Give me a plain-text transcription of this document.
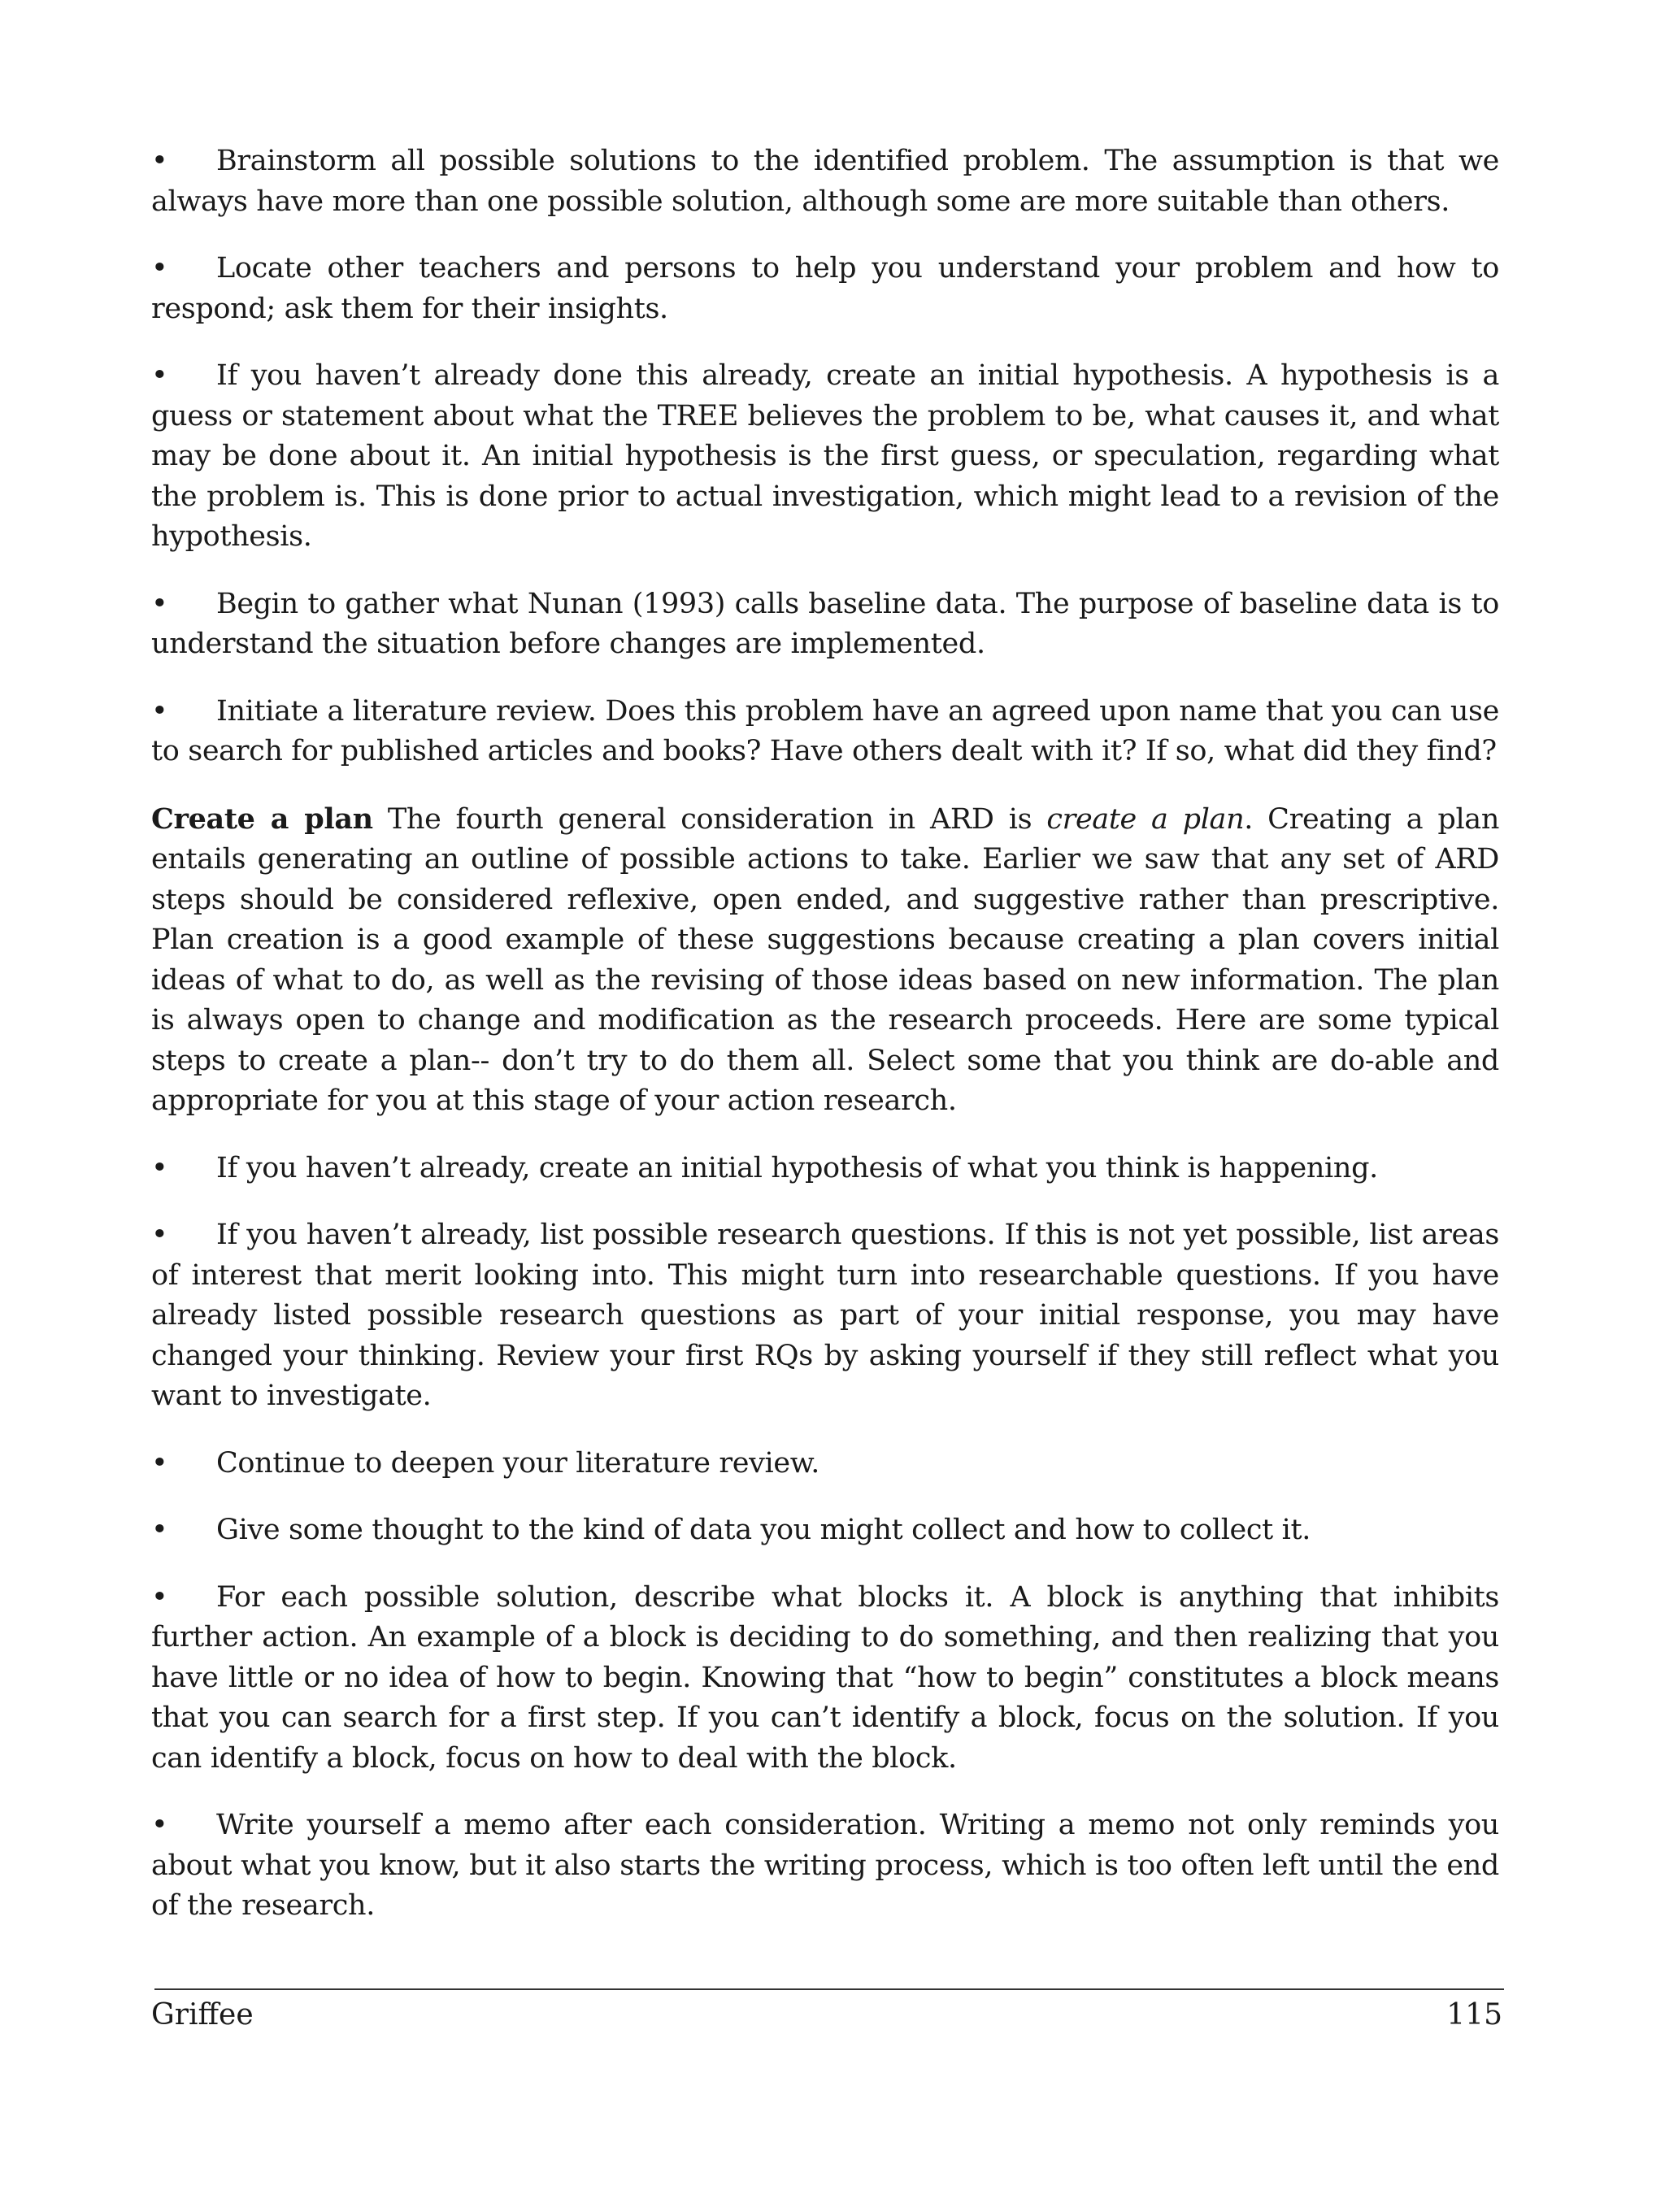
• Brainstorm all possible solutions to the identified problem. The assumption is that we always have more than one possible solution, although some are more suitable than others.

• Locate other teachers and persons to help you understand your problem and how to respond; ask them for their insights.

• If you haven’t already done this already, create an initial hypothesis. A hypothesis is a guess or statement about what the TREE believes the problem to be, what causes it, and what may be done about it. An initial hypothesis is the first guess, or speculation, regarding what the problem is. This is done prior to actual investigation, which might lead to a revision of the hypothesis.

• Begin to gather what Nunan (1993) calls baseline data. The purpose of baseline data is to understand the situation before changes are implemented.

• Initiate a literature review. Does this problem have an agreed upon name that you can use to search for published articles and books? Have others dealt with it? If so, what did they find?

Create a plan The fourth general consideration in ARD is create a plan. Creating a plan entails generating an outline of possible actions to take. Earlier we saw that any set of ARD steps should be considered reflexive, open ended, and suggestive rather than prescriptive. Plan creation is a good example of these suggestions because creating a plan covers initial ideas of what to do, as well as the revising of those ideas based on new information. The plan is always open to change and modification as the research proceeds. Here are some typical steps to create a plan-- don’t try to do them all. Select some that you think are do-able and appropriate for you at this stage of your action research.

• If you haven’t already, create an initial hypothesis of what you think is happening.

• If you haven’t already, list possible research questions. If this is not yet possible, list areas of interest that merit looking into. This might turn into researchable questions. If you have already listed possible research questions as part of your initial response, you may have changed your thinking. Review your first RQs by asking yourself if they still reflect what you want to investigate.

• Continue to deepen your literature review.

• Give some thought to the kind of data you might collect and how to collect it.

• For each possible solution, describe what blocks it. A block is anything that inhibits further action. An example of a block is deciding to do something, and then realizing that you have little or no idea of how to begin. Knowing that “how to begin” constitutes a block means that you can search for a first step. If you can’t identify a block, focus on the solution. If you can identify a block, focus on how to deal with the block.

• Write yourself a memo after each consideration. Writing a memo not only reminds you about what you know, but it also starts the writing process, which is too often left until the end of the research.

Griffee	115
